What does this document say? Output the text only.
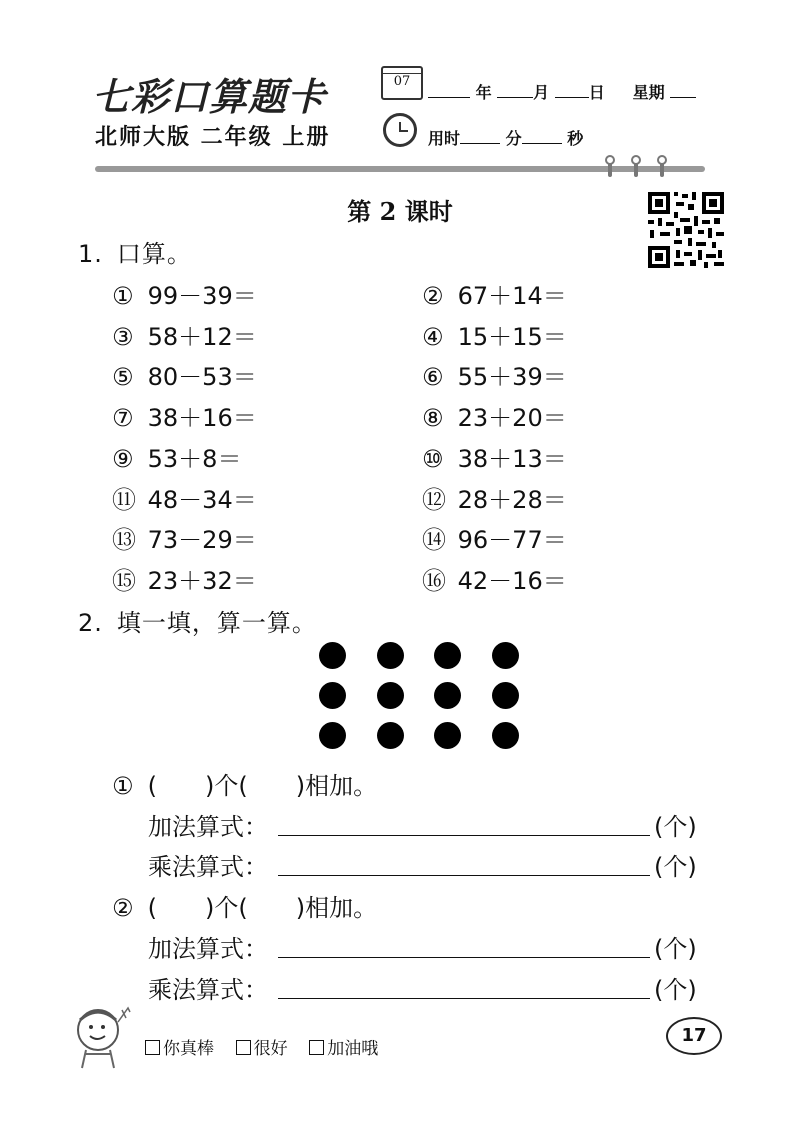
七彩口算题卡
北师大版 二年级 上册
07
年	月 日 星期
用时	分	秒
第 2 课时
1. 口算。
① 99－39＝	② 67＋14＝
③ 58＋12＝	④ 15＋15＝
⑤ 80－53＝	⑥ 55＋39＝
⑦ 38＋16＝	⑧ 23＋20＝
⑨ 53＋8＝	⑩ 38＋13＝
⑪ 48－34＝	⑫ 28＋28＝
⑬ 73－29＝	⑭ 96－77＝
⑮ 23＋32＝	⑯ 42－16＝
2. 填一填，算一算。
① (　　)个(　　)相加。
加法算式：	(个)
乘法算式：	(个)
② (　　)个(　　)相加。
加法算式：	(个)
乘法算式：	(个)
你真棒 很好 加油哦
17
